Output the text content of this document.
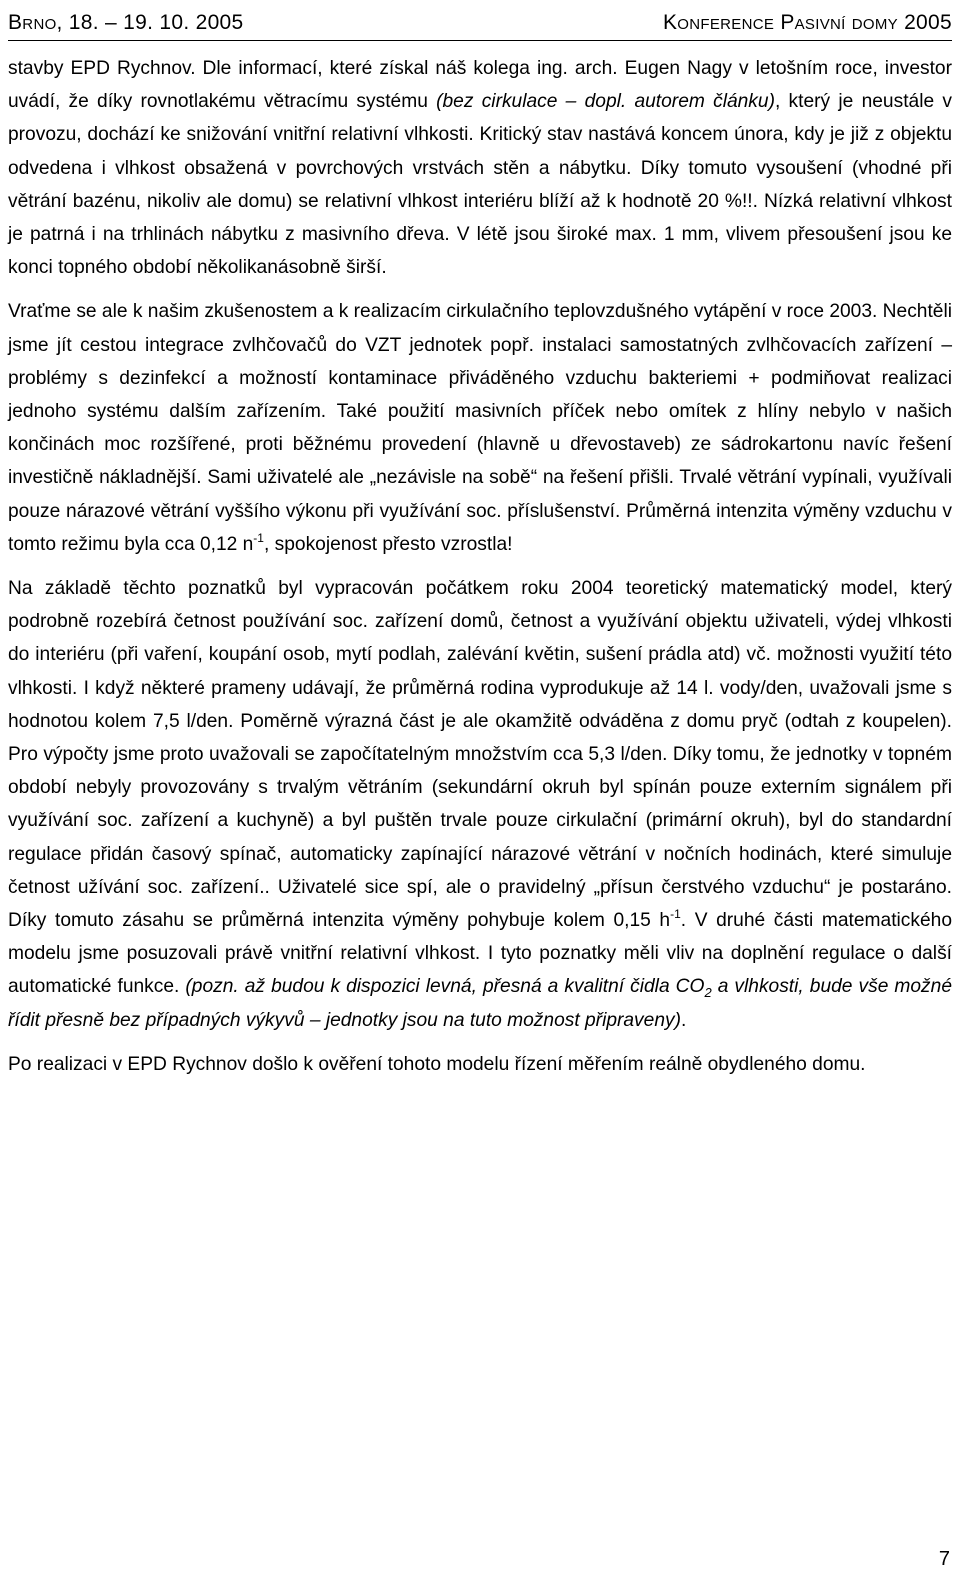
Brno, 18. – 19. 10. 2005	Konference Pasivní domy 2005

stavby EPD Rychnov. Dle informací, které získal náš kolega ing. arch. Eugen Nagy v letošním roce, investor uvádí, že díky rovnotlakému větracímu systému (bez cirkulace – dopl. autorem článku), který je neustále v provozu, dochází ke snižování vnitřní relativní vlhkosti. Kritický stav nastává koncem února, kdy je již z objektu odvedena i vlhkost obsažená v povrchových vrstvách stěn a nábytku. Díky tomuto vysoušení (vhodné při větrání bazénu, nikoliv ale domu) se relativní vlhkost interiéru blíží až k hodnotě 20 %!!. Nízká relativní vlhkost je patrná i na trhlinách nábytku z masivního dřeva. V létě jsou široké max. 1 mm, vlivem přesoušení jsou ke konci topného období několikanásobně širší.

Vraťme se ale k našim zkušenostem a k realizacím cirkulačního teplovzdušného vytápění v roce 2003. Nechtěli jsme jít cestou integrace zvlhčovačů do VZT jednotek popř. instalaci samostatných zvlhčovacích zařízení – problémy s dezinfekcí a možností kontaminace přiváděného vzduchu bakteriemi + podmiňovat realizaci jednoho systému dalším zařízením. Také použití masivních příček nebo omítek z hlíny nebylo v našich končinách moc rozšířené, proti běžnému provedení (hlavně u dřevostaveb) ze sádrokartonu navíc řešení investičně nákladnější. Sami uživatelé ale „nezávisle na sobě“ na řešení přišli. Trvalé větrání vypínali, využívali pouze nárazové větrání vyššího výkonu při využívání soc. příslušenství. Průměrná intenzita výměny vzduchu v tomto režimu byla cca 0,12 $n^{-1}$, spokojenost přesto vzrostla!

Na základě těchto poznatků byl vypracován počátkem roku 2004 teoretický matematický model, který podrobně rozebírá četnost používání soc. zařízení domů, četnost a využívání objektu uživateli, výdej vlhkosti do interiéru (při vaření, koupání osob, mytí podlah, zalévání květin, sušení prádla atd) vč. možnosti využití této vlhkosti. I když některé prameny udávají, že průměrná rodina vyprodukuje až 14 l. vody/den, uvažovali jsme s hodnotou kolem 7,5 l/den. Poměrně výrazná část je ale okamžitě odváděna z domu pryč (odtah z koupelen). Pro výpočty jsme proto uvažovali se započítatelným množstvím cca 5,3 l/den. Díky tomu, že jednotky v topném období nebyly provozovány s trvalým větráním (sekundární okruh byl spínán pouze externím signálem při využívání soc. zařízení a kuchyně) a byl puštěn trvale pouze cirkulační (primární okruh), byl do standardní regulace přidán časový spínač, automaticky zapínající nárazové větrání v nočních hodinách, které simuluje četnost užívání soc. zařízení.. Uživatelé sice spí, ale o pravidelný „přísun čerstvého vzduchu“ je postaráno. Díky tomuto zásahu se průměrná intenzita výměny pohybuje kolem 0,15 $h^{-1}$. V druhé části matematického modelu jsme posuzovali právě vnitřní relativní vlhkost. I tyto poznatky měli vliv na doplnění regulace o další automatické funkce. (pozn. až budou k dispozici levná, přesná a kvalitní čidla $CO_2$ a vlhkosti, bude vše možné řídit přesně bez případných výkyvů – jednotky jsou na tuto možnost připraveny).

Po realizaci v EPD Rychnov došlo k ověření tohoto modelu řízení měřením reálně obydleného domu.

7
